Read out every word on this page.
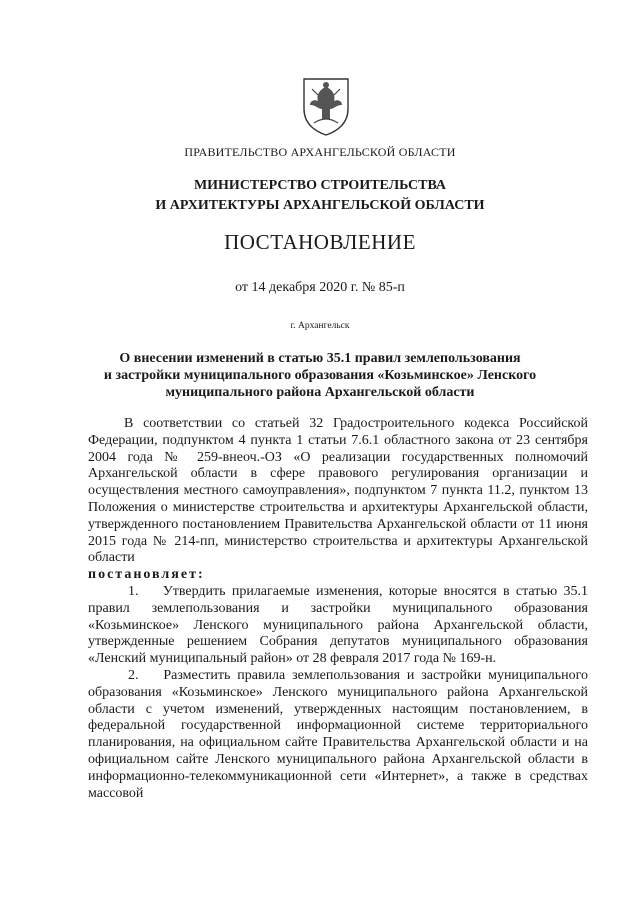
ПРАВИТЕЛЬСТВО АРХАНГЕЛЬСКОЙ ОБЛАСТИ
МИНИСТЕРСТВО СТРОИТЕЛЬСТВА
И АРХИТЕКТУРЫ АРХАНГЕЛЬСКОЙ ОБЛАСТИ
ПОСТАНОВЛЕНИЕ
от 14 декабря 2020 г. № 85-п
г. Архангельск
О внесении изменений в статью 35.1 правил землепользования
и застройки муниципального образования «Козьминское» Ленского
муниципального района Архангельской области

В соответствии со статьей 32 Градостроительного кодекса Российской Федерации, подпунктом 4 пункта 1 статьи 7.6.1 областного закона от 23 сентября 2004 года № 259-внеоч.-ОЗ «О реализации государственных полномочий Архангельской области в сфере правового регулирования организации и осуществления местного самоуправления», подпунктом 7 пункта 11.2, пунктом 13 Положения о министерстве строительства и архитектуры Архангельской области, утвержденного постановлением Правительства Архангельской области от 11 июня 2015 года № 214-пп, министерство строительства и архитектуры Архангельской области

постановляет:

1. Утвердить прилагаемые изменения, которые вносятся в статью 35.1 правил землепользования и застройки муниципального образования «Козьминское» Ленского муниципального района Архангельской области, утвержденные решением Собрания депутатов муниципального образования «Ленский муниципальный район» от 28 февраля 2017 года № 169-н.

2. Разместить правила землепользования и застройки муниципального образования «Козьминское» Ленского муниципального района Архангельской области с учетом изменений, утвержденных настоящим постановлением, в федеральной государственной информационной системе территориального планирования, на официальном сайте Правительства Архангельской области и на официальном сайте Ленского муниципального района Архангельской области в информационно-телекоммуникационной сети «Интернет», а также в средствах массовой
